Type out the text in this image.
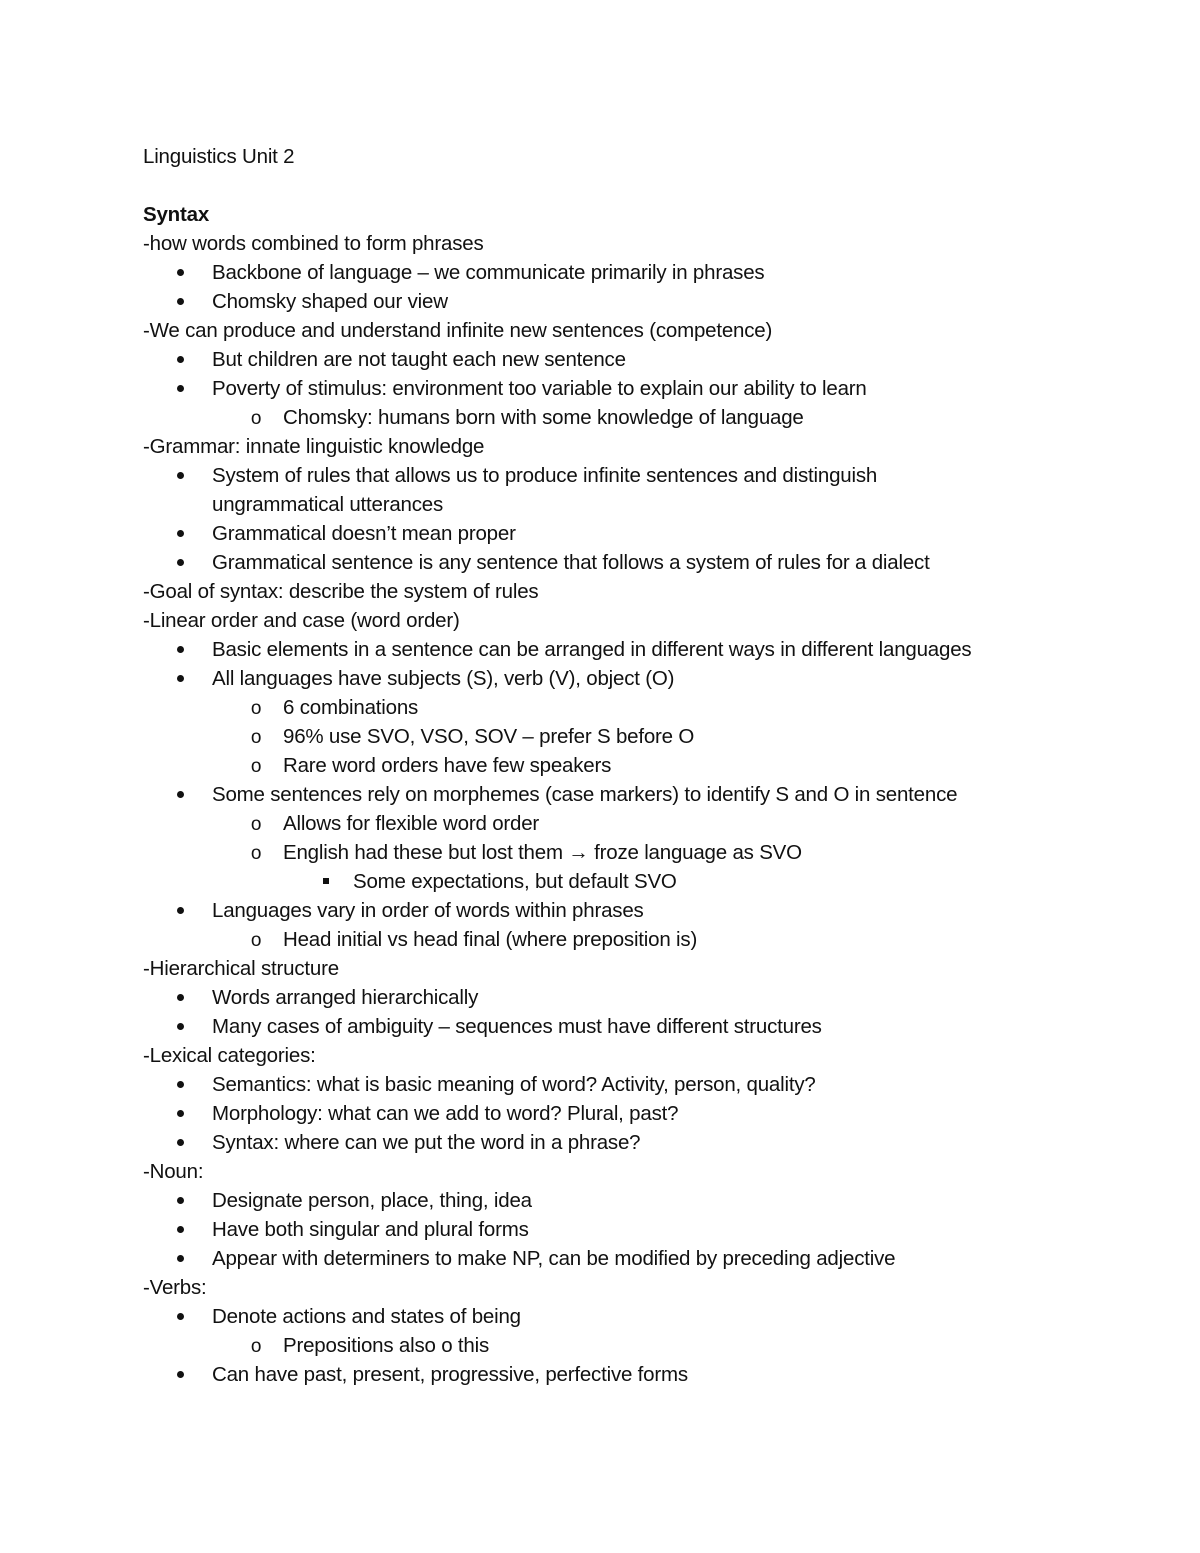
Linguistics Unit 2
Syntax
-how words combined to form phrases
Backbone of language – we communicate primarily in phrases
Chomsky shaped our view
-We can produce and understand infinite new sentences (competence)
But children are not taught each new sentence
Poverty of stimulus: environment too variable to explain our ability to learn
o Chomsky: humans born with some knowledge of language
-Grammar: innate linguistic knowledge
System of rules that allows us to produce infinite sentences and distinguish
ungrammatical utterances
Grammatical doesn’t mean proper
Grammatical sentence is any sentence that follows a system of rules for a dialect
-Goal of syntax: describe the system of rules
-Linear order and case (word order)
Basic elements in a sentence can be arranged in different ways in different languages
All languages have subjects (S), verb (V), object (O)
o 6 combinations
o 96% use SVO, VSO, SOV – prefer S before O
o Rare word orders have few speakers
Some sentences rely on morphemes (case markers) to identify S and O in sentence
o Allows for flexible word order
o English had these but lost them → froze language as SVO
Some expectations, but default SVO
Languages vary in order of words within phrases
o Head initial vs head final (where preposition is)
-Hierarchical structure
Words arranged hierarchically
Many cases of ambiguity – sequences must have different structures
-Lexical categories:
Semantics: what is basic meaning of word? Activity, person, quality?
Morphology: what can we add to word? Plural, past?
Syntax: where can we put the word in a phrase?
-Noun:
Designate person, place, thing, idea
Have both singular and plural forms
Appear with determiners to make NP, can be modified by preceding adjective
-Verbs:
Denote actions and states of being
o Prepositions also o this
Can have past, present, progressive, perfective forms
